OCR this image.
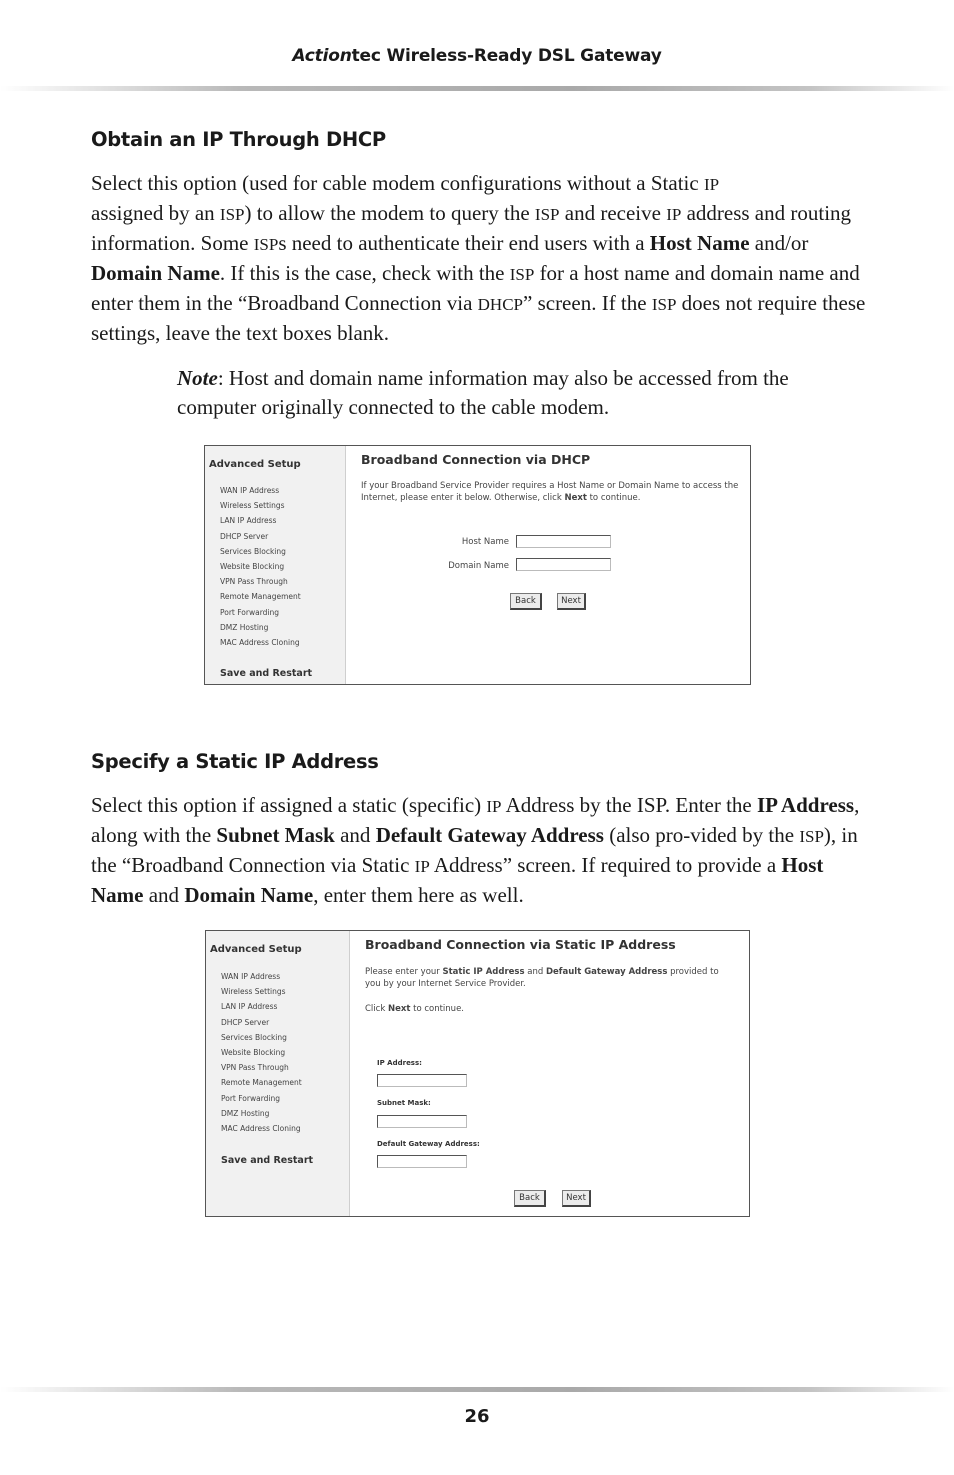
Actiontec Wireless-Ready DSL Gateway
Obtain an IP Through DHCP
Select this option (used for cable modem configurations without a Static IP
assigned by an ISP) to allow the modem to query the ISP and receive IP address and routing information. Some ISPs need to authenticate their end users with a Host Name and/or Domain Name. If this is the case, check with the ISP for a host name and domain name and enter them in the “Broadband Connection via DHCP” screen. If the ISP does not require these settings, leave the text boxes blank.
Note: Host and domain name information may also be accessed from the computer originally connected to the cable modem.
Advanced Setup
WAN IP Address
Wireless Settings
LAN IP Address
DHCP Server
Services Blocking
Website Blocking
VPN Pass Through
Remote Management
Port Forwarding
DMZ Hosting
MAC Address Cloning
Save and Restart
Broadband Connection via DHCP
If your Broadband Service Provider requires a Host Name or Domain Name to access the Internet, please enter it below. Otherwise, click Next to continue.
Host Name
Domain Name
Back	Next
Specify a Static IP Address
Select this option if assigned a static (specific) IP Address by the ISP. Enter the IP Address, along with the Subnet Mask and Default Gateway Address (also pro-vided by the ISP), in the “Broadband Connection via Static IP Address” screen. If required to provide a Host Name and Domain Name, enter them here as well.
Advanced Setup
WAN IP Address
Wireless Settings
LAN IP Address
DHCP Server
Services Blocking
Website Blocking
VPN Pass Through
Remote Management
Port Forwarding
DMZ Hosting
MAC Address Cloning
Save and Restart
Broadband Connection via Static IP Address
Please enter your Static IP Address and Default Gateway Address provided to you by your Internet Service Provider.
Click Next to continue.
IP Address:
Subnet Mask:
Default Gateway Address:
Back	Next
26
